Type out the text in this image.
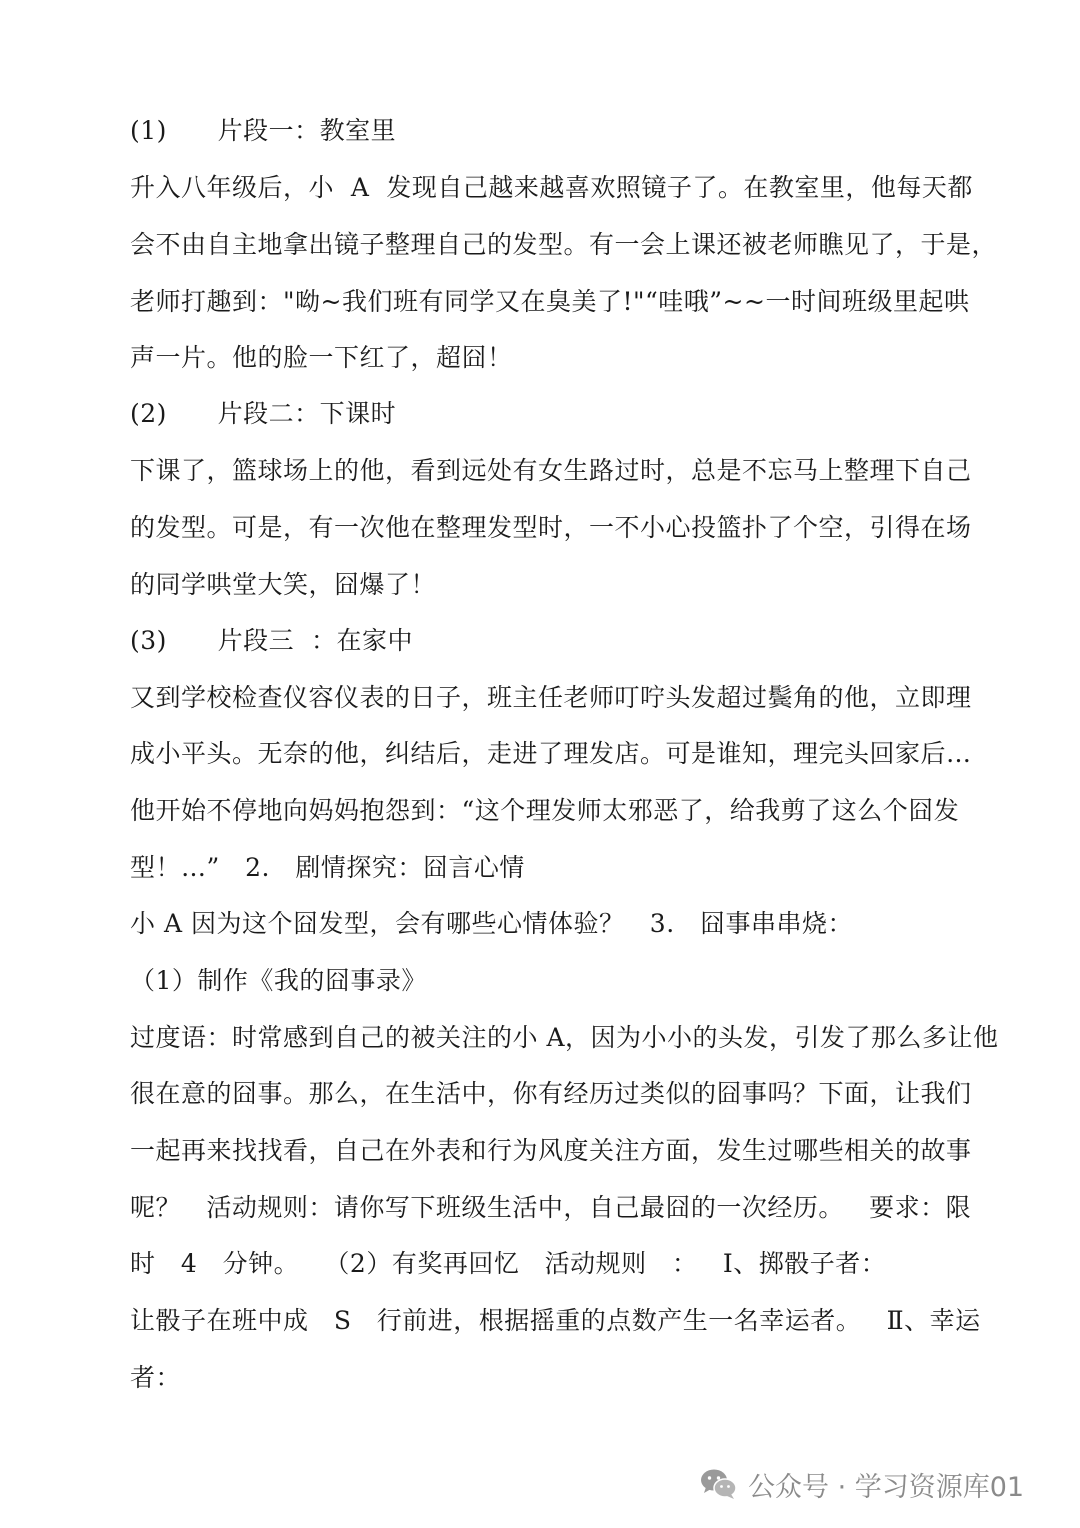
(1)      片段一：教室里
升入八年级后，小  A  发现自己越来越喜欢照镜子了。在教室里，他每天都
会不由自主地拿出镜子整理自己的发型。有一会上课还被老师瞧见了，于是，
老师打趣到："呦~我们班有同学又在臭美了!"“哇哦”~~一时间班级里起哄
声一片。他的脸一下红了，超囧！
(2)      片段二：下课时
下课了，篮球场上的他，看到远处有女生路过时，总是不忘马上整理下自己
的发型。可是，有一次他在整理发型时，一不小心投篮扑了个空，引得在场
的同学哄堂大笑，囧爆了！
(3)      片段三  ：在家中
又到学校检查仪容仪表的日子，班主任老师叮咛头发超过鬓角的他，立即理
成小平头。无奈的他，纠结后，走进了理发店。可是谁知，理完头回家后…
他开始不停地向妈妈抱怨到：“这个理发师太邪恶了，给我剪了这么个囧发
型！…”   2.   剧情探究：囧言心情
小 A 因为这个囧发型，会有哪些心情体验？   3.   囧事串串烧：
（1）制作《我的囧事录》
过度语：时常感到自己的被关注的小 A，因为小小的头发，引发了那么多让他
很在意的囧事。那么，在生活中，你有经历过类似的囧事吗？下面，让我们
一起再来找找看，自己在外表和行为风度关注方面，发生过哪些相关的故事
呢？   活动规则：请你写下班级生活中，自己最囧的一次经历。   要求：限
时   4   分钟。   （2）有奖再回忆   活动规则   ：   Ⅰ、掷骰子者：
让骰子在班中成   S   行前进，根据摇重的点数产生一名幸运者。   Ⅱ、幸运
者：
公众号 · 学习资源库01
